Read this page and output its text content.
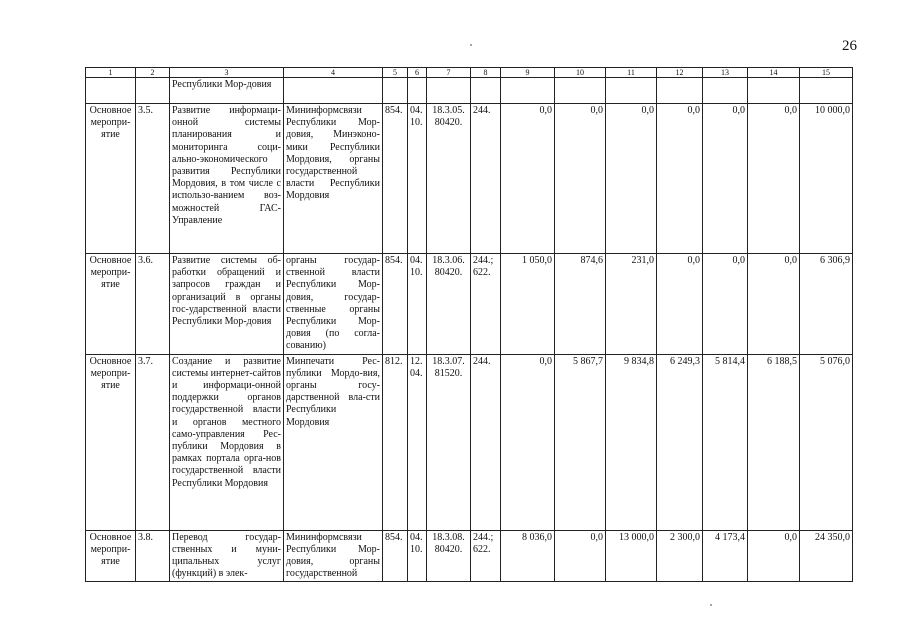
26
1	2	3	4	5	6	7	8	9	10	11	12	13	14	15
		Республики Мор-довия												
Основное меропри-ятие	3.5.	Развитие информаци-онной системы планирования и мониторинга соци-ально-экономического развития Республики Мордовия, в том числе с использо-ванием воз-можностей ГАС-Управление	Мининформсвязи Республики Мор-довия, Минэконо-мики Республики Мордовия, органы государственной власти Республики Мордовия	854.	04. 10.	18.3.05. 80420.	244.	0,0	0,0	0,0	0,0	0,0	0,0	10 000,0
Основное меропри-ятие	3.6.	Развитие системы об-работки обращений и запросов граждан и организаций в органы гос-ударственной власти Республики Мор-довия	органы государ-ственной власти Республики Мор-довия, государ-ственные органы Республики Мор-довия (по согла-сованию)	854.	04. 10.	18.3.06. 80420.	244.; 622.	1 050,0	874,6	231,0	0,0	0,0	0,0	6 306,9
Основное меропри-ятие	3.7.	Создание и развитие системы интернет-сайтов и информаци-онной поддержки органов государственной власти и органов местного само-управления Рес-публики Мордовия в рамках портала орга-нов государственной власти Республики Мордовия	Минпечати Рес-публики Мордо-вия, органы госу-дарственной вла-сти Республики Мордовия	812.	12. 04.	18.3.07. 81520.	244.	0,0	5 867,7	9 834,8	6 249,3	5 814,4	6 188,5	5 076,0
Основное меропри-ятие	3.8.	Перевод государ-ственных и муни-ципальных услуг (функций) в элек-	Мининформсвязи Республики Мор-довия, органы государственной	854.	04. 10.	18.3.08. 80420.	244.; 622.	8 036,0	0,0	13 000,0	2 300,0	4 173,4	0,0	24 350,0
